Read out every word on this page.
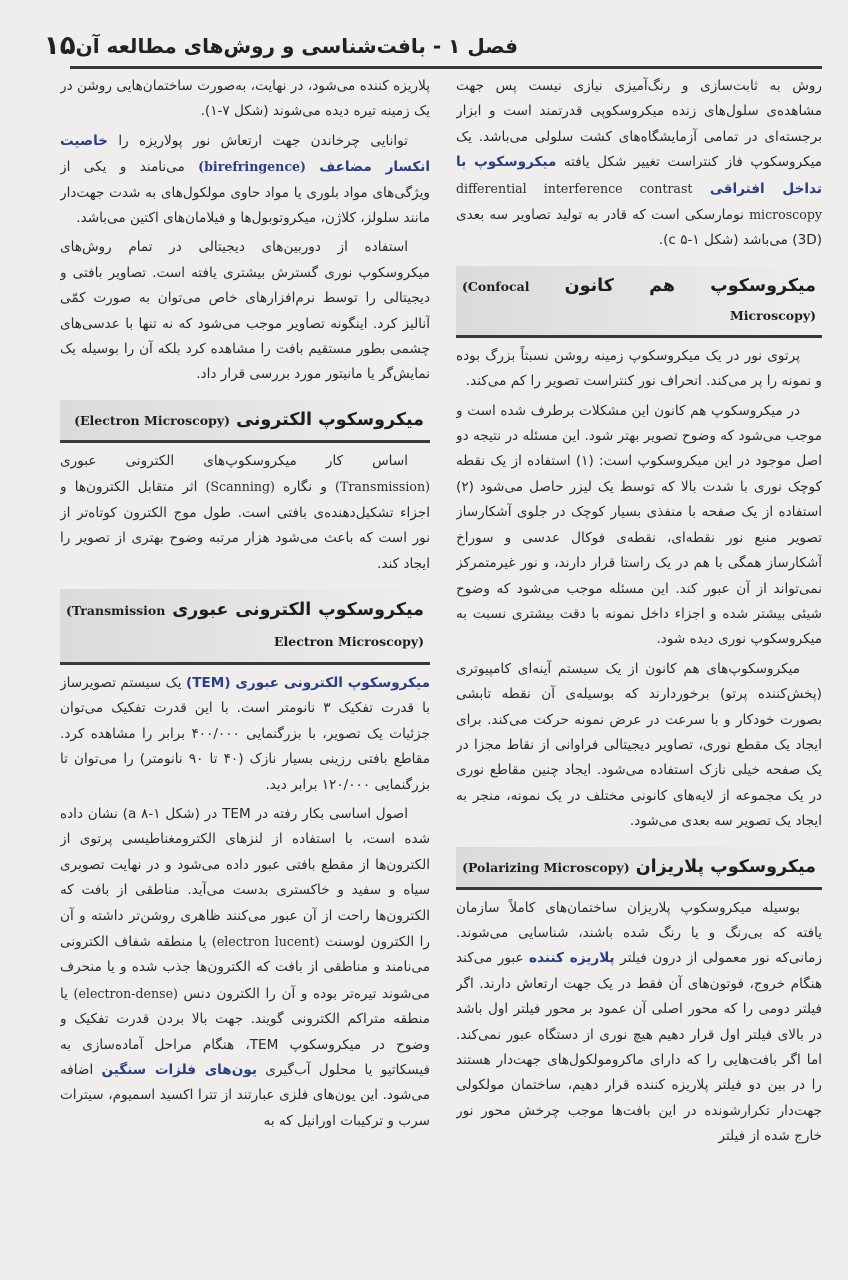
فصل ۱ - بافت‌شناسی و روش‌های مطالعه آن
۱۵

روش به ثابت‌سازی و رنگ‌آمیزی نیازی نیست پس جهت مشاهده‌ی سلول‌های زنده میکروسکوپی قدرتمند است و ابزار برجسته‌ای در تمامی آزمایشگاه‌های کشت سلولی می‌باشد. یک میکروسکوپ فاز کنتراست تغییر شکل یافته میکروسکوپ با تداخل افتراقی differential interference contrast microscopy نومارسکی است که قادر به تولید تصاویر سه بعدی (3D) می‌باشد (شکل c ۵-۱).

میکروسکوپ هم کانون (Confocal Microscopy)

پرتوی نور در یک میکروسکوپ زمینه روشن نسبتاً بزرگ بوده و نمونه را پر می‌کند. انحراف نور کنتراست تصویر را کم می‌کند.

در میکروسکوپ هم کانون این مشکلات برطرف شده است و موجب می‌شود که وضوح تصویر بهتر شود. این مسئله در نتیجه دو اصل موجود در این میکروسکوپ است: (۱) استفاده از یک نقطه کوچک نوری با شدت بالا که توسط یک لیزر حاصل می‌شود (۲) استفاده از یک صفحه با منفذی بسیار کوچک در جلوی آشکارساز تصویر منبع نور نقطه‌ای، نقطه‌ی فوکال عدسی و سوراخ آشکارساز همگی با هم در یک راستا قرار دارند، و نور غیرمتمرکز نمی‌تواند از آن عبور کند. این مسئله موجب می‌شود که وضوح شیئی بیشتر شده و اجزاء داخل نمونه با دقت بیشتری نسبت به میکروسکوپ نوری دیده شود.

میکروسکوپ‌های هم کانون از یک سیستم آینه‌ای کامپیوتری (پخش‌کننده پرتو) برخوردارند که بوسیله‌ی آن نقطه تابشی بصورت خودکار و با سرعت در عرض نمونه حرکت می‌کند. برای ایجاد یک مقطع نوری، تصاویر دیجیتالی فراوانی از نقاط مجزا در یک صفحه خیلی نازک استفاده می‌شود. ایجاد چنین مقاطع نوری در یک مجموعه از لایه‌های کانونی مختلف در یک نمونه، منجر به ایجاد یک تصویر سه بعدی می‌شود.

میکروسکوپ پلاریزان (Polarizing Microscopy)

بوسیله میکروسکوپ پلاریزان ساختمان‌های کاملاً سازمان یافته که بی‌رنگ و یا رنگ شده باشند، شناسایی می‌شوند. زمانی‌که نور معمولی از درون فیلتر پلاریزه کننده عبور می‌کند هنگام خروج، فوتون‌های آن فقط در یک جهت ارتعاش دارند. اگر فیلتر دومی را که محور اصلی آن عمود بر محور فیلتر اول باشد در بالای فیلتر اول قرار دهیم هیچ نوری از دستگاه عبور نمی‌کند. اما اگر بافت‌هایی را که دارای ماکرومولکول‌های جهت‌دار هستند را در بین دو فیلتر پلاریزه کننده قرار دهیم، ساختمان مولکولی جهت‌دار تکرارشونده در این بافت‌ها موجب چرخش محور نور خارج شده از فیلتر

پلاریزه کننده می‌شود، در نهایت، به‌صورت ساختمان‌هایی روشن در یک زمینه تیره دیده می‌شوند (شکل ۷-۱).

توانایی چرخاندن جهت ارتعاش نور پولاریزه را خاصیت انکسار مضاعف (birefringence) می‌نامند و یکی از ویژگی‌های مواد بلوری یا مواد حاوی مولکول‌های به شدت جهت‌دار مانند سلولز، کلاژن، میکروتوبول‌ها و فیلامان‌های اکتین می‌باشد.

استفاده از دوربین‌های دیجیتالی در تمام روش‌های میکروسکوپ نوری گسترش بیشتری یافته است. تصاویر بافتی و دیجیتالی را توسط نرم‌افزارهای خاص می‌توان به صورت کمّی آنالیز کرد. اینگونه تصاویر موجب می‌شود که نه تنها با عدسی‌های چشمی بطور مستقیم بافت را مشاهده کرد بلکه آن را بوسیله یک نمایش‌گر یا مانیتور مورد بررسی قرار داد.

میکروسکوپ الکترونی (Electron Microscopy)

اساس کار میکروسکوپ‌های الکترونی عبوری (Transmission) و نگاره (Scanning) اثر متقابل الکترون‌ها و اجزاء تشکیل‌دهنده‌ی بافتی است. طول موج الکترون کوتاه‌تر از نور است که باعث می‌شود هزار مرتبه وضوح بهتری از تصویر را ایجاد کند.

میکروسکوپ الکترونی عبوری (Transmission Electron Microscopy)

میکروسکوپ الکترونی عبوری (TEM) یک سیستم تصویرساز با قدرت تفکیک ۳ نانومتر است. با این قدرت تفکیک می‌توان جزئیات یک تصویر، با بزرگنمایی ۴۰۰/۰۰۰ برابر را مشاهده کرد. مقاطع بافتی رزینی بسیار نازک (۴۰ تا ۹۰ نانومتر) را می‌توان تا بزرگنمایی ۱۲۰/۰۰۰ برابر دید.

اصول اساسی بکار رفته در TEM در (شکل a ۸-۱) نشان داده شده است، با استفاده از لنزهای الکترومغناطیسی پرتوی از الکترون‌ها از مقطع بافتی عبور داده می‌شود و در نهایت تصویری سیاه و سفید و خاکستری بدست می‌آید. مناطقی از بافت که الکترون‌ها راحت از آن عبور می‌کنند ظاهری روشن‌تر داشته و آن را الکترون لوسنت (electron lucent) یا منطقه شفاف الکترونی می‌نامند و مناطقی از بافت که الکترون‌ها جذب شده و یا منحرف می‌شوند تیره‌تر بوده و آن را الکترون دنس (electron-dense) یا منطقه متراکم الکترونی گویند. جهت بالا بردن قدرت تفکیک و وضوح در میکروسکوپ TEM، هنگام مراحل آماده‌سازی به فیسکاتیو یا محلول آب‌گیری یون‌های فلزات سنگین اضافه می‌شود. این یون‌های فلزی عبارتند از تترا اکسید اسمیوم، سیترات سرب و ترکیبات اورانیل که به
